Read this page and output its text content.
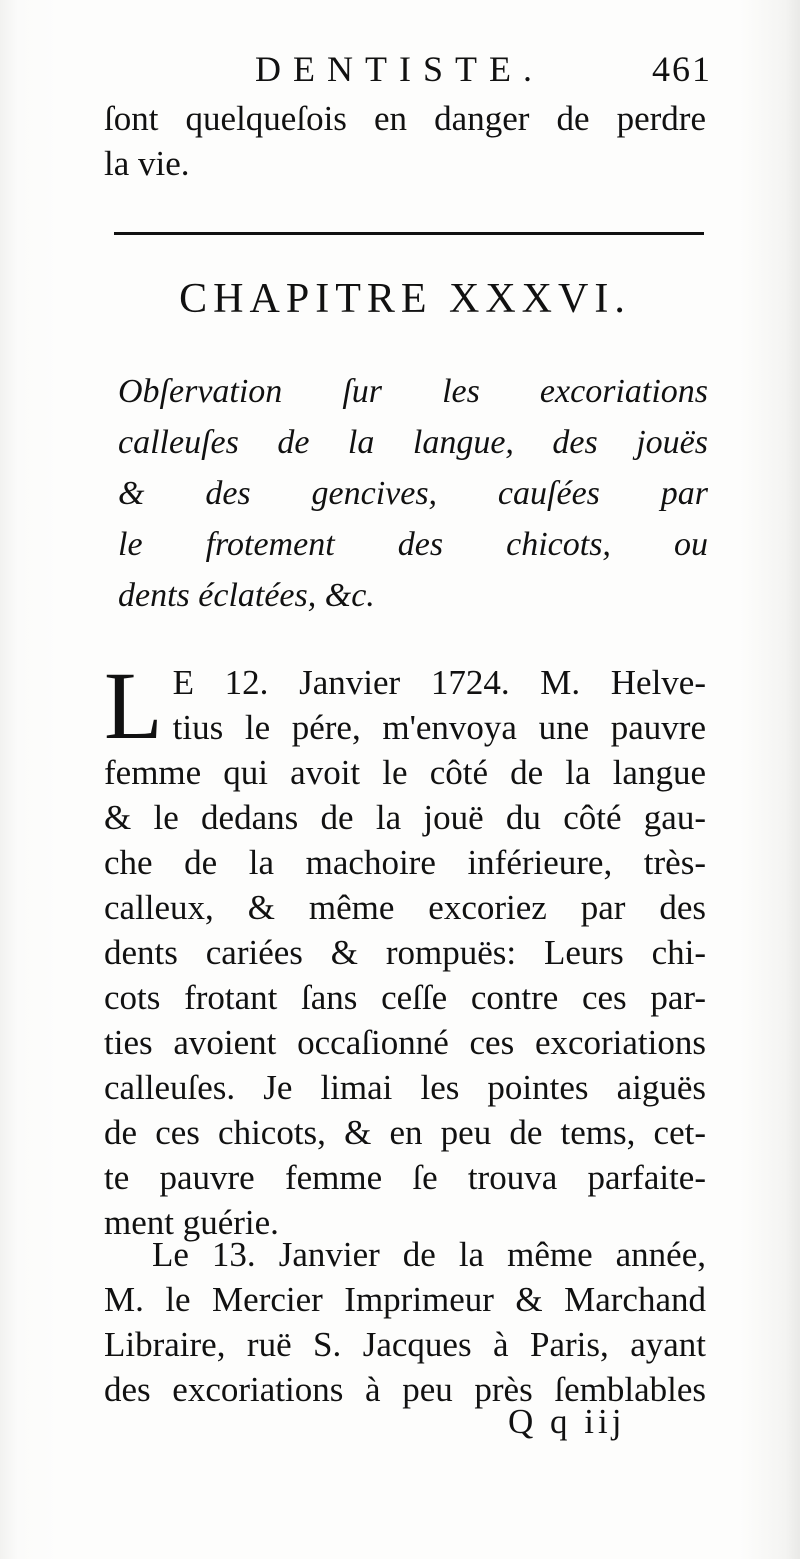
DENTISTE.	461
ſont quelqueſois en danger de perdre
la vie.
CHAPITRE XXXVI.
Obſervation ſur les excoriations
calleuſes de la langue, des jouës
& des gencives, cauſées par
le frotement des chicots, ou
dents éclatées, &c.
L E 12. Janvier 1724. M. Helve-
tius le pére, m'envoya une pauvre
femme qui avoit le côté de la langue
& le dedans de la jouë du côté gau-
che de la machoire inférieure, très-
calleux, & même excoriez par des
dents cariées & rompuës: Leurs chi-
cots frotant ſans ceſſe contre ces par-
ties avoient occaſionné ces excoriations
calleuſes. Je limai les pointes aiguës
de ces chicots, & en peu de tems, cet-
te pauvre femme ſe trouva parfaite-
ment guérie.
Le 13. Janvier de la même année,
M. le Mercier Imprimeur & Marchand
Libraire, ruë S. Jacques à Paris, ayant
des excoriations à peu près ſemblables
Q q iij
